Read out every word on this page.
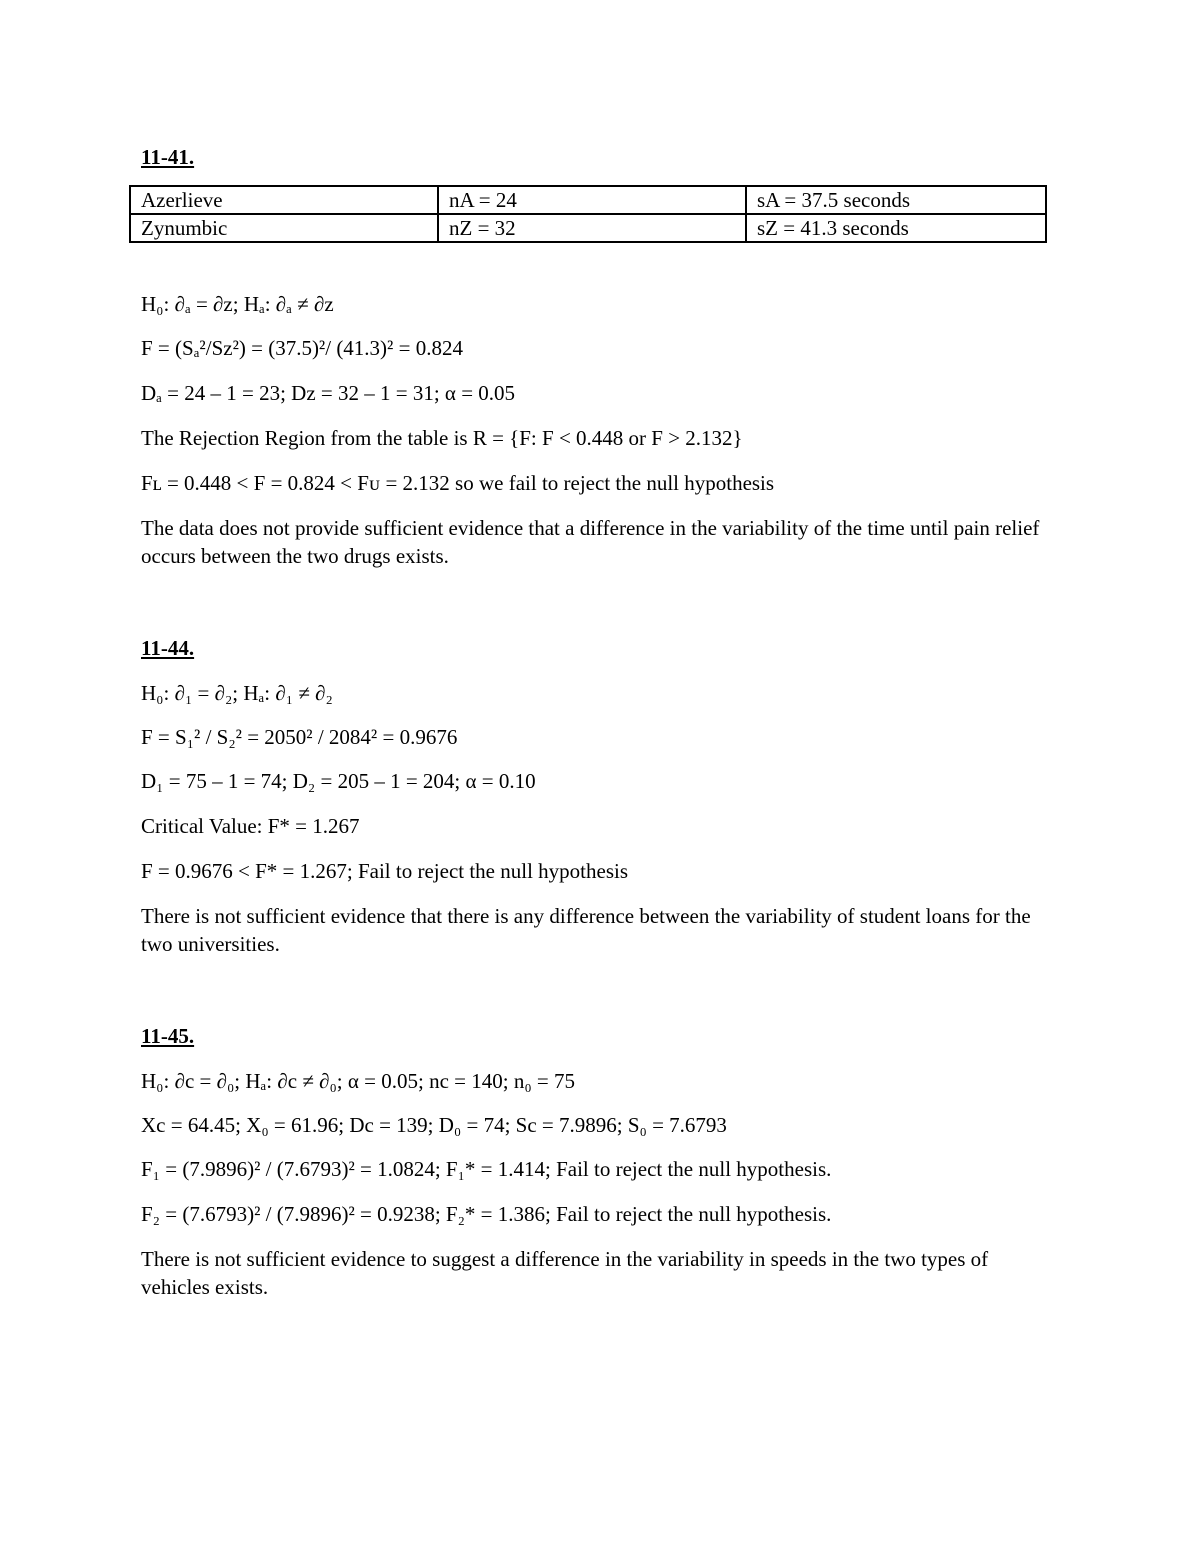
11-41.
Azerlieve	nA = 24	sA = 37.5 seconds
Zynumbic	nZ = 32	sZ = 41.3 seconds
H₀: ∂ₐ = ∂z; Hₐ: ∂ₐ ≠ ∂z
F = (Sₐ²/Sz²) = (37.5)²/ (41.3)² = 0.824
Dₐ = 24 – 1 = 23; Dz = 32 – 1 = 31; α = 0.05
The Rejection Region from the table is R = {F: F < 0.448 or F > 2.132}
Fʟ = 0.448 < F = 0.824 < Fᴜ = 2.132 so we fail to reject the null hypothesis
The data does not provide sufficient evidence that a difference in the variability of the time until pain relief occurs between the two drugs exists.
11-44.
H₀: ∂₁ = ∂₂; Hₐ: ∂₁ ≠ ∂₂
F = S₁² / S₂² = 2050² / 2084² = 0.9676
D₁ = 75 – 1 = 74; D₂ = 205 – 1 = 204; α = 0.10
Critical Value: F* = 1.267
F = 0.9676 < F* = 1.267; Fail to reject the null hypothesis
There is not sufficient evidence that there is any difference between the variability of student loans for the two universities.
11-45.
H₀: ∂c = ∂₀; Hₐ: ∂c ≠ ∂₀; α = 0.05; nc = 140; n₀ = 75
Xc = 64.45; X₀ = 61.96; Dc = 139; D₀ = 74; Sc = 7.9896; S₀ = 7.6793
F₁ = (7.9896)² / (7.6793)² = 1.0824; F₁* = 1.414; Fail to reject the null hypothesis.
F₂ = (7.6793)² / (7.9896)² = 0.9238; F₂* = 1.386; Fail to reject the null hypothesis.
There is not sufficient evidence to suggest a difference in the variability in speeds in the two types of vehicles exists.
